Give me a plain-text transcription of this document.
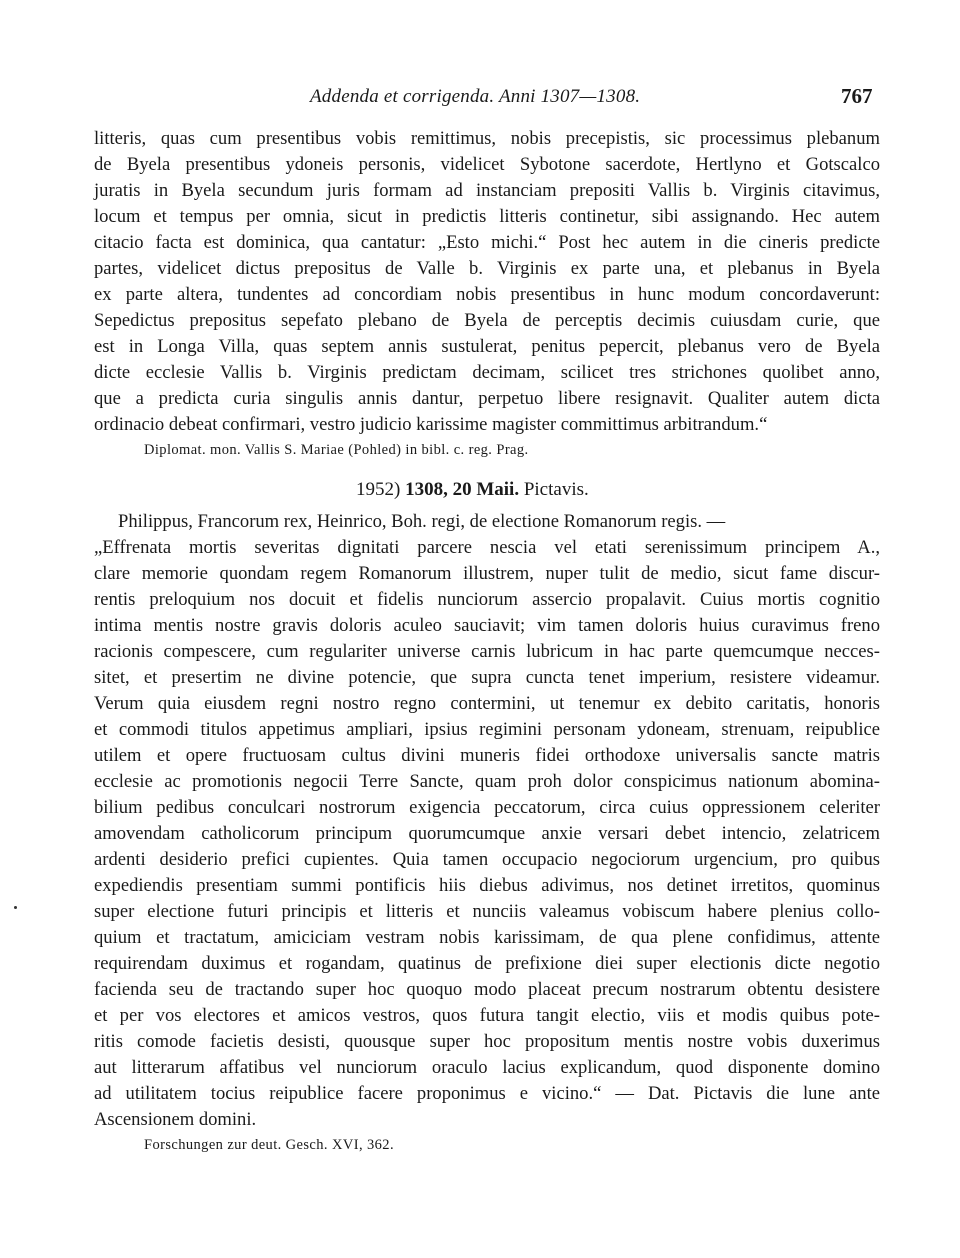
Addenda et corrigenda. Anni 1307—1308.	767
litteris, quas cum presentibus vobis remittimus, nobis precepistis, sic processimus plebanum
de Byela presentibus ydoneis personis, videlicet Sybotone sacerdote, Hertlyno et Gotscalco
juratis in Byela secundum juris formam ad instanciam prepositi Vallis b. Virginis citavimus,
locum et tempus per omnia, sicut in predictis litteris continetur, sibi assignando. Hec autem
citacio facta est dominica, qua cantatur: „Esto michi.“ Post hec autem in die cineris predicte
partes, videlicet dictus prepositus de Valle b. Virginis ex parte una, et plebanus in Byela
ex parte altera, tundentes ad concordiam nobis presentibus in hunc modum concordaverunt:
Sepedictus prepositus sepefato plebano de Byela de perceptis decimis cuiusdam curie, que
est in Longa Villa, quas septem annis sustulerat, penitus pepercit, plebanus vero de Byela
dicte ecclesie Vallis b. Virginis predictam decimam, scilicet tres strichones quolibet anno,
que a predicta curia singulis annis dantur, perpetuo libere resignavit. Qualiter autem dicta
ordinacio debeat confirmari, vestro judicio karissime magister committimus arbitrandum.“
Diplomat. mon. Vallis S. Mariae (Pohled) in bibl. c. reg. Prag.
1952) 1308, 20 Maii. Pictavis.
Philippus, Francorum rex, Heinrico, Boh. regi, de electione Romanorum regis. —
„Effrenata mortis severitas dignitati parcere nescia vel etati serenissimum principem A.,
clare memorie quondam regem Romanorum illustrem, nuper tulit de medio, sicut fame discur-
rentis preloquium nos docuit et fidelis nunciorum assercio propalavit. Cuius mortis cognitio
intima mentis nostre gravis doloris aculeo sauciavit; vim tamen doloris huius curavimus freno
racionis compescere, cum regulariter universe carnis lubricum in hac parte quemcumque necces-
sitet, et presertim ne divine potencie, que supra cuncta tenet imperium, resistere videamur.
Verum quia eiusdem regni nostro regno contermini, ut tenemur ex debito caritatis, honoris
et commodi titulos appetimus ampliari, ipsius regimini personam ydoneam, strenuam, reipublice
utilem et opere fructuosam cultus divini muneris fidei orthodoxe universalis sancte matris
ecclesie ac promotionis negocii Terre Sancte, quam proh dolor conspicimus nationum abomina-
bilium pedibus conculcari nostrorum exigencia peccatorum, circa cuius oppressionem celeriter
amovendam catholicorum principum quorumcumque anxie versari debet intencio, zelatricem
ardenti desiderio prefici cupientes. Quia tamen occupacio negociorum urgencium, pro quibus
expediendis presentiam summi pontificis hiis diebus adivimus, nos detinet irretitos, quominus
super electione futuri principis et litteris et nunciis valeamus vobiscum habere plenius collo-
quium et tractatum, amiciciam vestram nobis karissimam, de qua plene confidimus, attente
requirendam duximus et rogandam, quatinus de prefixione diei super electionis dicte negotio
facienda seu de tractando super hoc quoquo modo placeat precum nostrarum obtentu desistere
et per vos electores et amicos vestros, quos futura tangit electio, viis et modis quibus pote-
ritis comode facietis desisti, quousque super hoc propositum mentis nostre vobis duxerimus
aut litterarum affatibus vel nunciorum oraculo lacius explicandum, quod disponente domino
ad utilitatem tocius reipublice facere proponimus e vicino.“ — Dat. Pictavis die lune ante
Ascensionem domini.
Forschungen zur deut. Gesch. XVI, 362.
